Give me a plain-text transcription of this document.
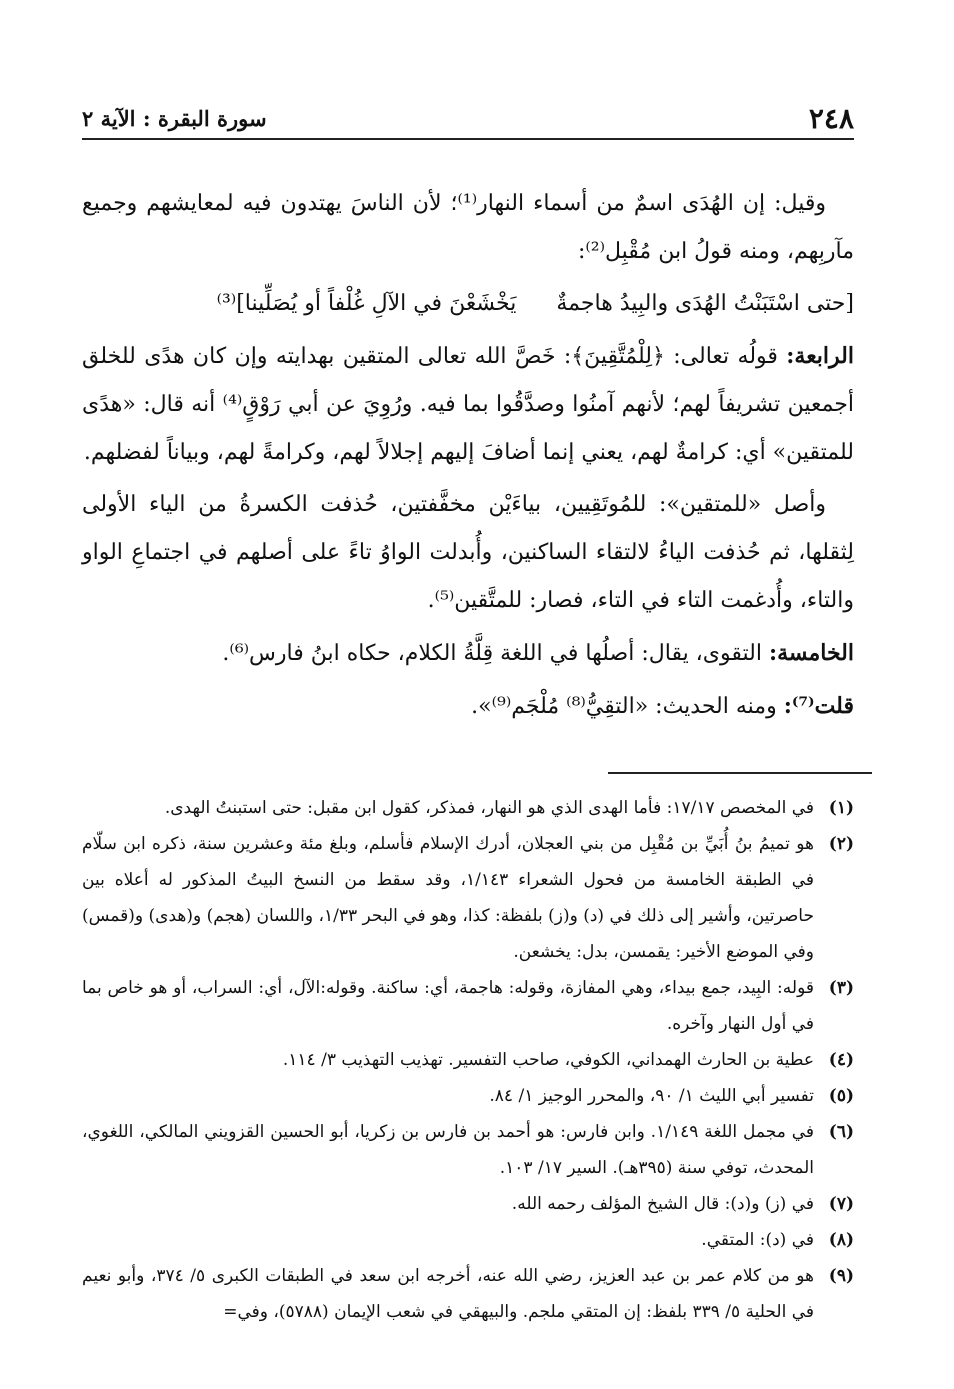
٢٤٨
سورة البقرة : الآية ٢

وقيل: إن الهُدَى اسمٌ من أسماء النهار⁽¹⁾؛ لأن الناسَ يهتدون فيه لمعايشهم وجميع مآربِهم، ومنه قولُ ابن مُقْبِل⁽²⁾:

[حتى اسْتَبَنْتُ الهُدَى والبِيدُ هاجمةٌيَخْشَعْنَ في الآلِ غُلْفاً أو يُصَلِّينا]⁽³⁾

الرابعة: قولُه تعالى: ﴿لِلْمُتَّقِينَ﴾: خَصَّ الله تعالى المتقين بهدايته وإن كان هدًى للخلق أجمعين تشريفاً لهم؛ لأنهم آمنُوا وصدَّقُوا بما فيه. ورُوِيَ عن أبي رَوْقٍ⁽⁴⁾ أنه قال: «هدًى للمتقين» أي: كرامةٌ لهم، يعني إنما أضافَ إليهم إجلالاً لهم، وكرامةً لهم، وبياناً لفضلهم.

وأصل «للمتقين»: للمُوتَقِيين، بياءَيْن مخفَّفتين، حُذفت الكسرةُ من الياء الأولى لِثقلها، ثم حُذفت الياءُ لالتقاء الساكنين، وأُبدلت الواوُ تاءً على أصلهم في اجتماعِ الواو والتاء، وأُدغمت التاء في التاء، فصار: للمتَّقين⁽⁵⁾.

الخامسة: التقوى، يقال: أصلُها في اللغة قِلَّةُ الكلام، حكاه ابنُ فارس⁽⁶⁾.

قلت⁽⁷⁾: ومنه الحديث: «التقِيُّ⁽⁸⁾ مُلْجَم⁽⁹⁾».

(١)
في المخصص ١٧/١٧: فأما الهدى الذي هو النهار، فمذكر، كقول ابن مقبل: حتى استبنتُ الهدى.
(٢)
هو تميمُ بنُ أُبَيِّ بن مُقْبِل من بني العجلان، أدرك الإسلام فأسلم، وبلغ مئة وعشرين سنة، ذكره ابن سلّام في الطبقة الخامسة من فحول الشعراء ١/١٤٣، وقد سقط من النسخ البيتُ المذكور له أعلاه بين حاصرتين، وأشير إلى ذلك في (د) و(ز) بلفظة: كذا، وهو في البحر ١/٣٣، واللسان (هجم) و(هدى) و(قمس) وفي الموضع الأخير: يقمسن، بدل: يخشعن.
(٣)
قوله: البِيد، جمع بيداء، وهي المفازة، وقوله: هاجمة، أي: ساكنة. وقوله:الآل، أي: السراب، أو هو خاص بما في أول النهار وآخره.
(٤)
عطية بن الحارث الهمداني، الكوفي، صاحب التفسير. تهذيب التهذيب ٣/ ١١٤.
(٥)
تفسير أبي الليث ١/ ٩٠، والمحرر الوجيز ١/ ٨٤.
(٦)
في مجمل اللغة ١/١٤٩. وابن فارس: هو أحمد بن فارس بن زكريا، أبو الحسين القزويني المالكي، اللغوي، المحدث، توفي سنة (٣٩٥هـ). السير ١٧/ ١٠٣.
(٧)
في (ز) و(د): قال الشيخ المؤلف رحمه الله.
(٨)
في (د): المتقي.
(٩)
هو من كلام عمر بن عبد العزيز، رضي الله عنه، أخرجه ابن سعد في الطبقات الكبرى ٥/ ٣٧٤، وأبو نعيم في الحلية ٥/ ٣٣٩ بلفظ: إن المتقي ملجم. والبيهقي في شعب الإيمان (٥٧٨٨)، وفي=
